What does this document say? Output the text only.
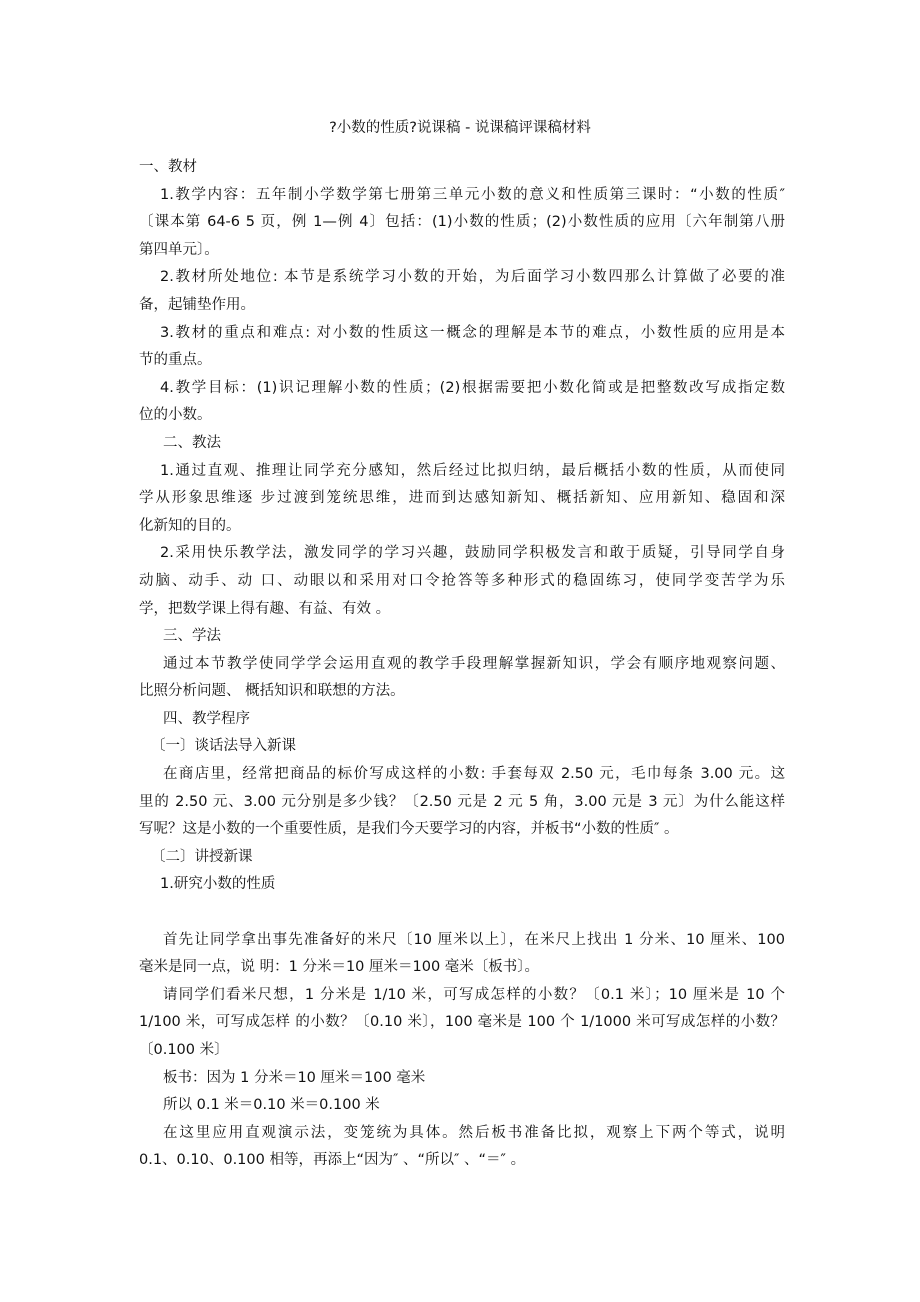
?小数的性质?说课稿 - 说课稿评课稿材料
一、教材
1.教学内容：五年制小学数学第七册第三单元小数的意义和性质第三课时：“小数的性质″
〔课本第 64-6 5 页，例 1—例 4〕包括：(1)小数的性质；(2)小数性质的应用〔六年制第八册
第四单元〕。
2.教材所处地位: 本节是系统学习小数的开始，为后面学习小数四那么计算做了必要的准
备，起铺垫作用。
3.教材的重点和难点: 对小数的性质这一概念的理解是本节的难点，小数性质的应用是本
节的重点。
4.教学目标：(1)识记理解小数的性质；(2)根据需要把小数化简或是把整数改写成指定数
位的小数。
二、教法
1.通过直观、推理让同学充分感知，然后经过比拟归纳，最后概括小数的性质，从而使同
学从形象思维逐 步过渡到笼统思维，进而到达感知新知、概括新知、应用新知、稳固和深
化新知的目的。
2.采用快乐教学法，激发同学的学习兴趣，鼓励同学积极发言和敢于质疑，引导同学自身
动脑、动手、动 口、动眼以和采用对口令抢答等多种形式的稳固练习，使同学变苦学为乐
学，把数学课上得有趣、有益、有效 。
三、学法
通过本节教学使同学学会运用直观的教学手段理解掌握新知识，学会有顺序地观察问题、
比照分析问题、 概括知识和联想的方法。
四、教学程序
〔一〕谈话法导入新课
在商店里，经常把商品的标价写成这样的小数: 手套每双 2.50 元，毛巾每条 3.00 元。这
里的 2.50 元、3.00 元分别是多少钱？〔2.50 元是 2 元 5 角，3.00 元是 3 元〕为什么能这样
写呢？这是小数的一个重要性质，是我们今天要学习的内容，并板书“小数的性质″ 。
〔二〕讲授新课
1.研究小数的性质
首先让同学拿出事先准备好的米尺〔10 厘米以上〕，在米尺上找出 1 分米、10 厘米、100
毫米是同一点，说 明：1 分米＝10 厘米＝100 毫米〔板书〕。
请同学们看米尺想，1 分米是 1/10 米，可写成怎样的小数？〔0.1 米〕；10 厘米是 10 个
1/100 米，可写成怎样 的小数？〔0.10 米〕，100 毫米是 100 个 1/1000 米可写成怎样的小数？
〔0.100 米〕
板书：因为 1 分米＝10 厘米＝100 毫米
所以 0.1 米＝0.10 米＝0.100 米
在这里应用直观演示法，变笼统为具体。然后板书准备比拟，观察上下两个等式，说明
0.1、0.10、0.100 相等，再添上“因为″ 、“所以″ 、“＝″ 。
